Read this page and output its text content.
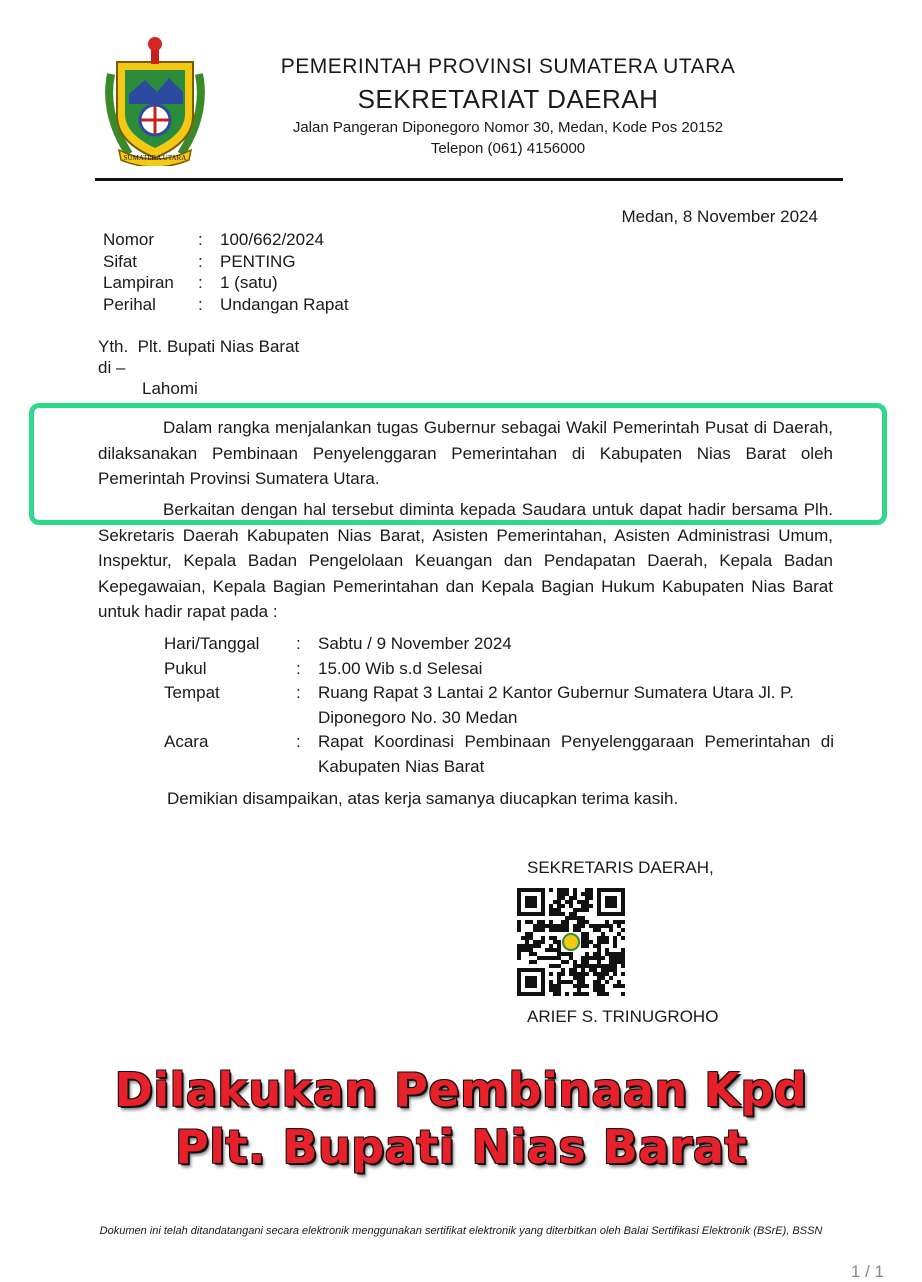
SUMATERA UTARA
PEMERINTAH PROVINSI SUMATERA UTARA
SEKRETARIAT DAERAH
Jalan Pangeran Diponegoro Nomor 30, Medan, Kode Pos 20152
Telepon (061) 4156000
Medan, 8 November 2024
Nomor	:	100/662/2024
Sifat	:	PENTING
Lampiran	:	1 (satu)
Perihal	:	Undangan Rapat
Yth.  Plt. Bupati Nias Barat
di –
Lahomi
Dalam rangka menjalankan tugas Gubernur sebagai Wakil Pemerintah Pusat di Daerah, dilaksanakan Pembinaan Penyelenggaran Pemerintahan di Kabupaten Nias Barat oleh Pemerintah Provinsi Sumatera Utara.
Berkaitan dengan hal tersebut diminta kepada Saudara untuk dapat hadir bersama Plh. Sekretaris Daerah Kabupaten Nias Barat, Asisten Pemerintahan, Asisten Administrasi Umum, Inspektur, Kepala Badan Pengelolaan Keuangan dan Pendapatan Daerah, Kepala Badan Kepegawaian, Kepala Bagian Pemerintahan dan Kepala Bagian Hukum Kabupaten Nias Barat untuk hadir rapat pada :
Hari/Tanggal	:	Sabtu / 9 November 2024
Pukul	:	15.00 Wib s.d Selesai
Tempat	:	Ruang Rapat 3 Lantai 2 Kantor Gubernur Sumatera Utara Jl. P. Diponegoro No. 30 Medan
Acara	:	Rapat Koordinasi Pembinaan Penyelenggaraan Pemerintahan di Kabupaten Nias Barat
Demikian disampaikan, atas kerja samanya diucapkan terima kasih.
SEKRETARIS DAERAH,
ARIEF S. TRINUGROHO
Dilakukan Pembinaan Kpd
Plt. Bupati Nias Barat
Dokumen ini telah ditandatangani secara elektronik menggunakan sertifikat elektronik yang diterbitkan oleh Balai Sertifikasi Elektronik (BSrE), BSSN
1 / 1
